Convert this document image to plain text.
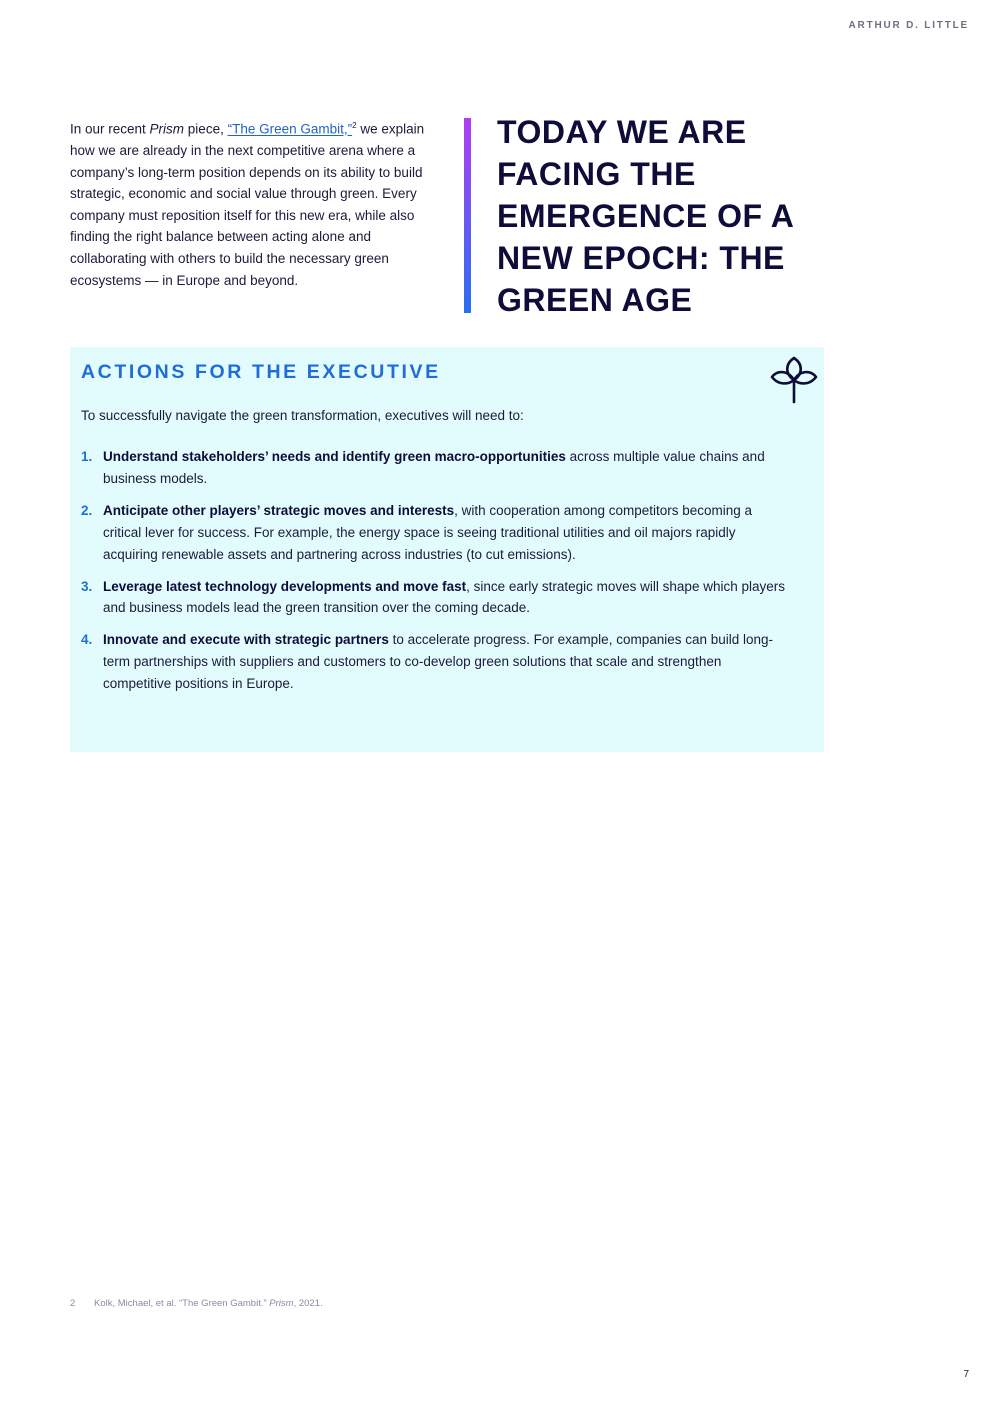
ARTHUR D. LITTLE

In our recent Prism piece, “The Green Gambit,”$^2$ we explain how we are already in the next competitive arena where a company’s long-term position depends on its ability to build strategic, economic and social value through green. Every company must reposition itself for this new era, while also finding the right balance between acting alone and collaborating with others to build the necessary green ecosystems — in Europe and beyond.

TODAY WE ARE FACING THE EMERGENCE OF A NEW EPOCH: THE GREEN AGE
ACTIONS FOR THE EXECUTIVE

To successfully navigate the green transformation, executives will need to:

1. Understand stakeholders’ needs and identify green macro-opportunities across multiple value chains and business models.
2. Anticipate other players’ strategic moves and interests, with cooperation among competitors becoming a critical lever for success. For example, the energy space is seeing traditional utilities and oil majors rapidly acquiring renewable assets and partnering across industries (to cut emissions).
3. Leverage latest technology developments and move fast, since early strategic moves will shape which players and business models lead the green transition over the coming decade.
4. Innovate and execute with strategic partners to accelerate progress. For example, companies can build long-term partnerships with suppliers and customers to co-develop green solutions that scale and strengthen competitive positions in Europe.
2 Kolk, Michael, et al. “The Green Gambit.” Prism, 2021.
7
